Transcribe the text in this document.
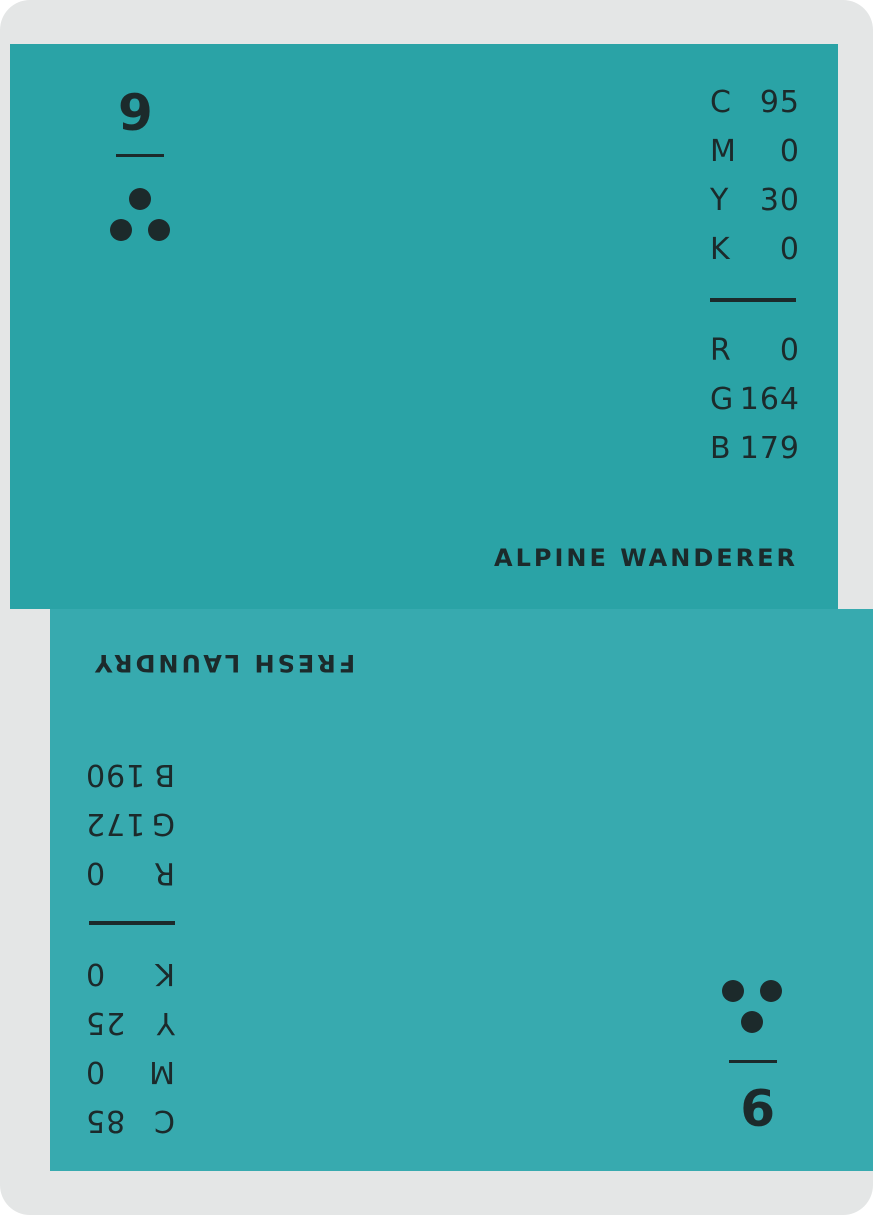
9	C 95
M 0
Y 30
K 0
R 0
G 164
B 179
ALPINE WANDERER
9
C
85
M
0
Y
25
K
0
R
0
G
172
B
190
FRESH LAUNDRY
